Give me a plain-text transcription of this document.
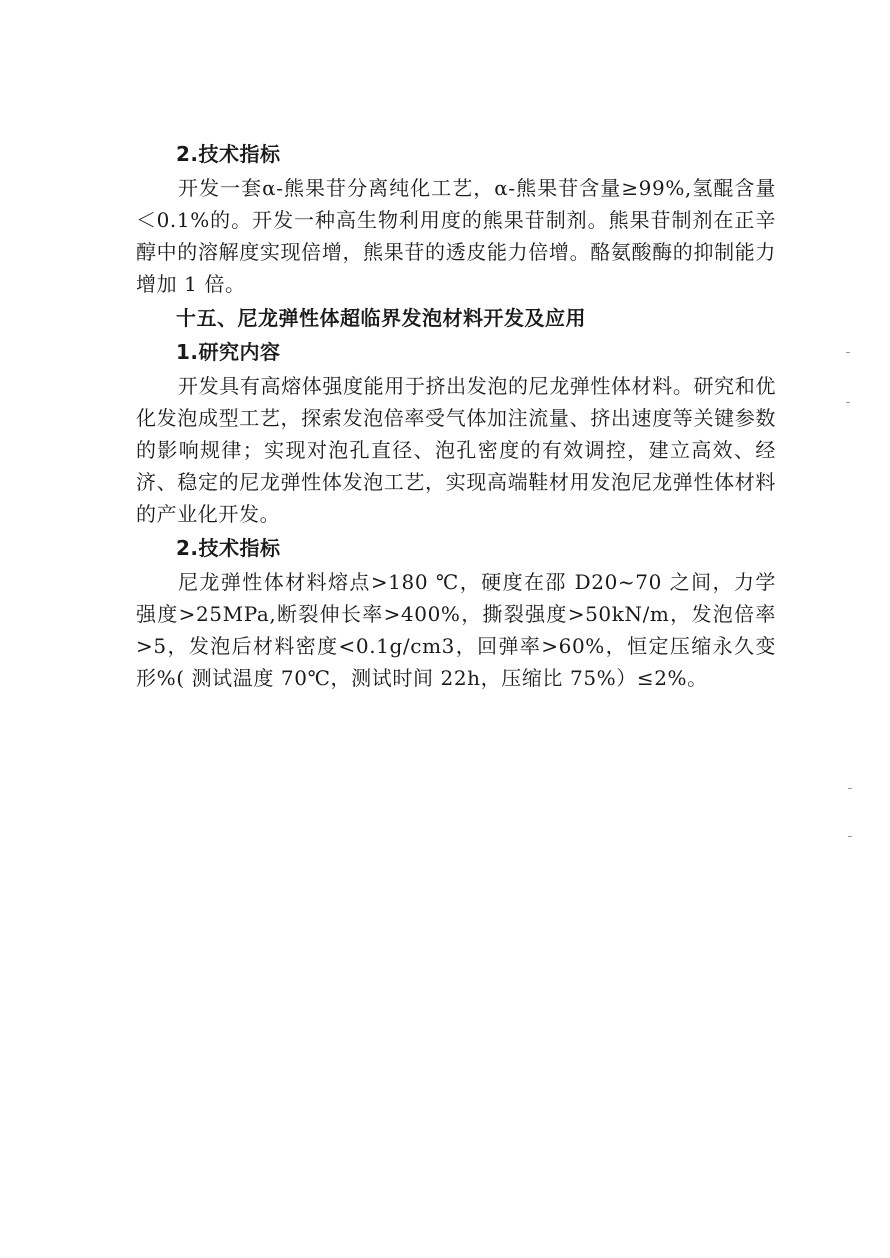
2.技术指标
开发一套α-熊果苷分离纯化工艺，α-熊果苷含量≥99%,氢醌含量＜0.1%的。开发一种高生物利用度的熊果苷制剂。熊果苷制剂在正辛醇中的溶解度实现倍增，熊果苷的透皮能力倍增。酪氨酸酶的抑制能力增加 1 倍。
十五、尼龙弹性体超临界发泡材料开发及应用
1.研究内容
开发具有高熔体强度能用于挤出发泡的尼龙弹性体材料。研究和优化发泡成型工艺，探索发泡倍率受气体加注流量、挤出速度等关键参数的影响规律；实现对泡孔直径、泡孔密度的有效调控，建立高效、经济、稳定的尼龙弹性体发泡工艺，实现高端鞋材用发泡尼龙弹性体材料的产业化开发。
2.技术指标
尼龙弹性体材料熔点>180 ℃，硬度在邵 D20~70 之间，力学强度>25MPa,断裂伸长率>400%，撕裂强度>50kN/m，发泡倍率>5，发泡后材料密度<0.1g/cm3，回弹率>60%，恒定压缩永久变形%( 测试温度 70℃，测试时间 22h，压缩比 75%）≤2%。
